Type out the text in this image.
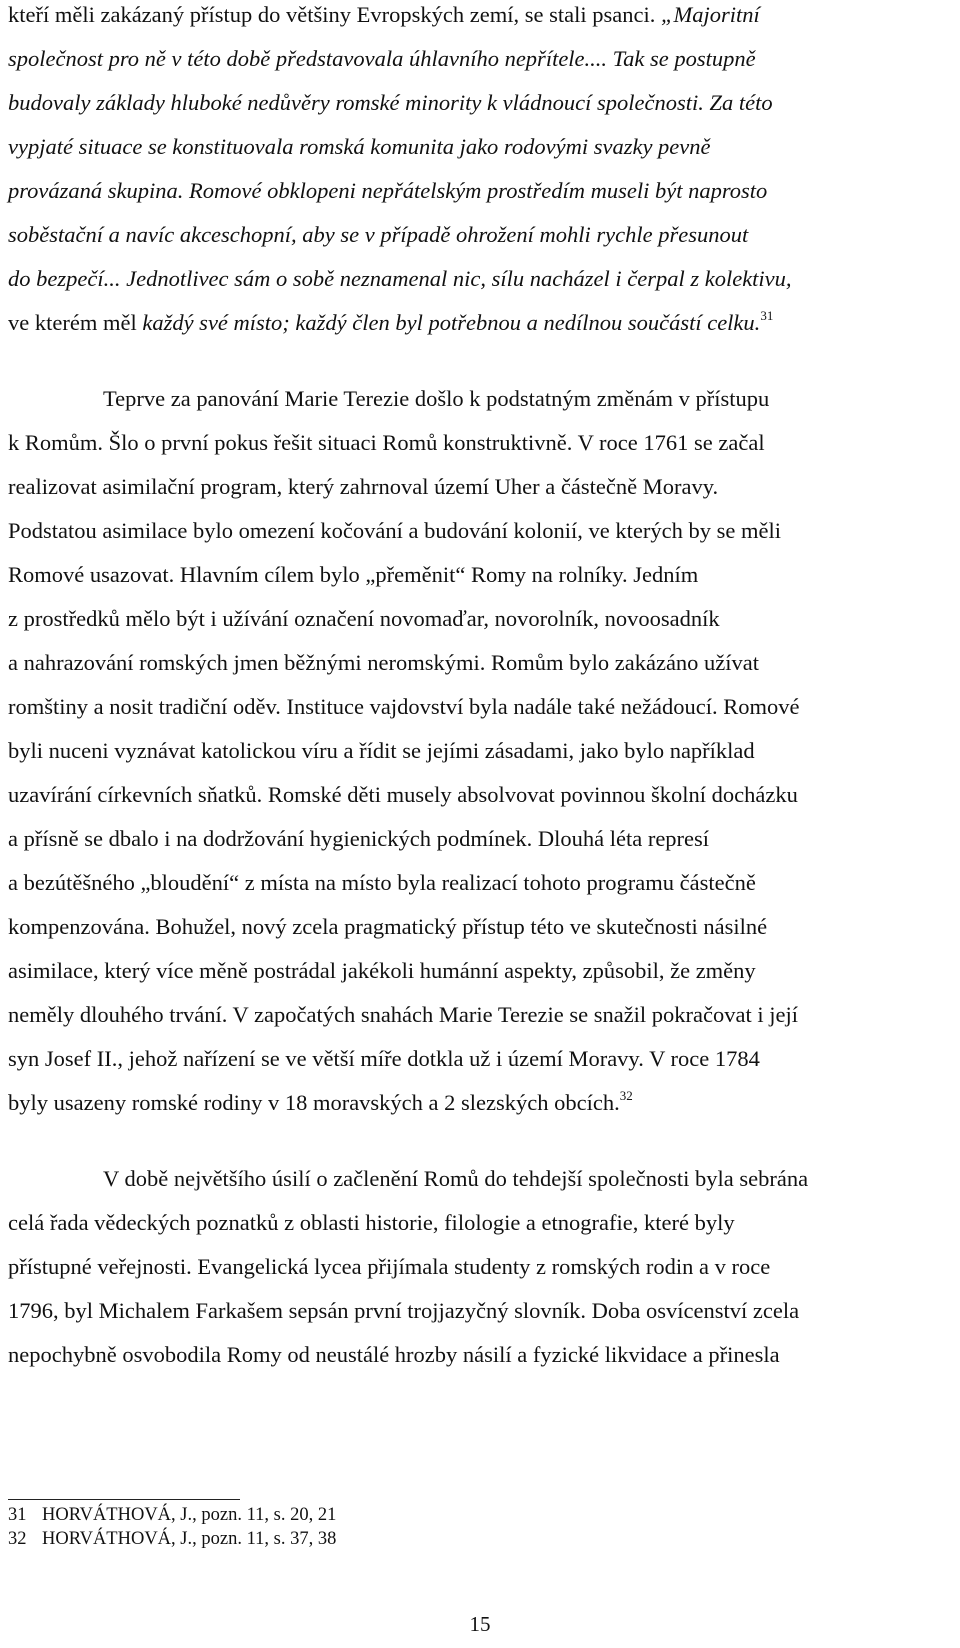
kteří měli zakázaný přístup do většiny Evropských zemí, se stali psanci. „Majoritní
společnost pro ně v této době představovala úhlavního nepřítele.... Tak se postupně
budovaly základy hluboké nedůvěry romské minority k vládnoucí společnosti. Za této
vypjaté situace se konstituovala romská komunita jako rodovými svazky pevně
provázaná skupina. Romové obklopeni nepřátelským prostředím museli být naprosto
soběstační a navíc akceschopní, aby se v případě ohrožení mohli rychle přesunout
do bezpečí... Jednotlivec sám o sobě neznamenal nic, sílu nacházel i čerpal z kolektivu,
ve kterém měl každý své místo; každý člen byl potřebnou a nedílnou součástí celku.$^{31}$
Teprve za panování Marie Terezie došlo k podstatným změnám v přístupu
k Romům. Šlo o první pokus řešit situaci Romů konstruktivně. V roce 1761 se začal
realizovat asimilační program, který zahrnoval území Uher a částečně Moravy.
Podstatou asimilace bylo omezení kočování a budování kolonií, ve kterých by se měli
Romové usazovat. Hlavním cílem bylo „přeměnit“ Romy na rolníky. Jedním
z prostředků mělo být i užívání označení novomaďar, novorolník, novoosadník
a nahrazování romských jmen běžnými neromskými. Romům bylo zakázáno užívat
romštiny a nosit tradiční oděv. Instituce vajdovství byla nadále také nežádoucí. Romové
byli nuceni vyznávat katolickou víru a řídit se jejími zásadami, jako bylo například
uzavírání církevních sňatků. Romské děti musely absolvovat povinnou školní docházku
a přísně se dbalo i na dodržování hygienických podmínek. Dlouhá léta represí
a bezútěšného „bloudění“ z místa na místo byla realizací tohoto programu částečně
kompenzována. Bohužel, nový zcela pragmatický přístup této ve skutečnosti násilné
asimilace, který více měně postrádal jakékoli humánní aspekty, způsobil, že změny
neměly dlouhého trvání. V započatých snahách Marie Terezie se snažil pokračovat i její
syn Josef II., jehož nařízení se ve větší míře dotkla už i území Moravy. V roce 1784
byly usazeny romské rodiny v 18 moravských a 2 slezských obcích.$^{32}$
V době největšího úsilí o začlenění Romů do tehdejší společnosti byla sebrána
celá řada vědeckých poznatků z oblasti historie, filologie a etnografie, které byly
přístupné veřejnosti. Evangelická lycea přijímala studenty z romských rodin a v roce
1796, byl Michalem Farkašem sepsán první trojjazyčný slovník. Doba osvícenství zcela
nepochybně osvobodila Romy od neustálé hrozby násilí a fyzické likvidace a přinesla
31 HORVÁTHOVÁ, J., pozn. 11, s. 20, 21
32 HORVÁTHOVÁ, J., pozn. 11, s. 37, 38
15
